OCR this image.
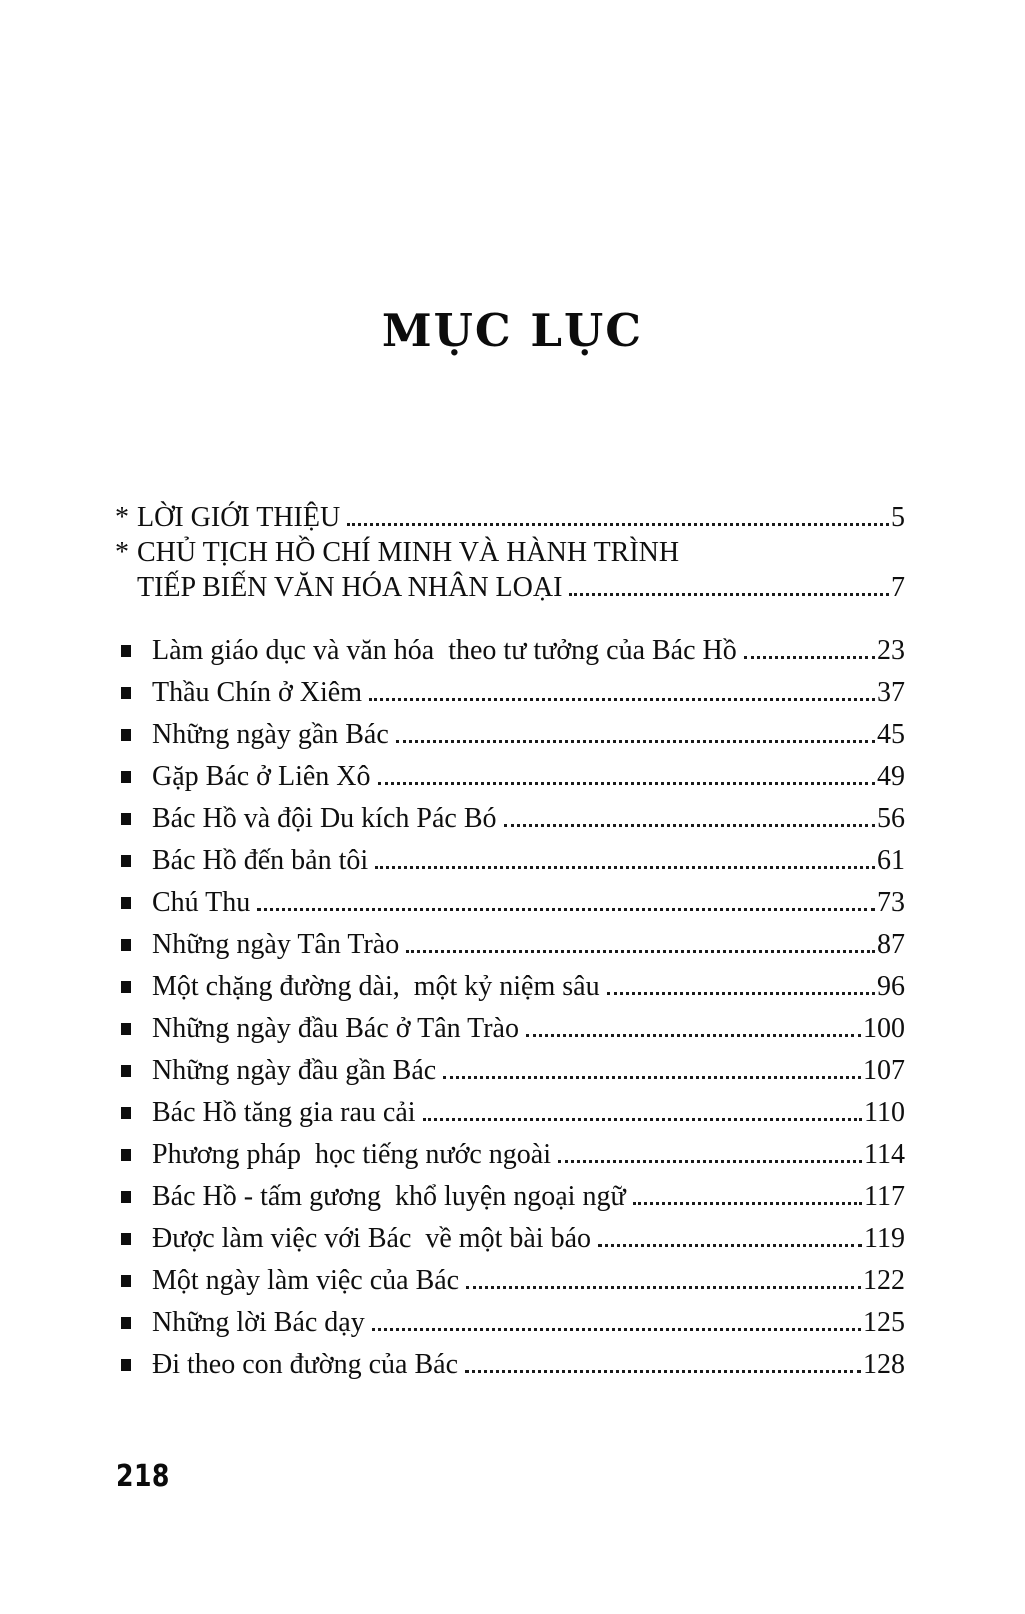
MỤC LỤC
* LỜI GIỚI THIỆU	5
* CHỦ TỊCH HỒ CHÍ MINH VÀ HÀNH TRÌNH
TIẾP BIẾN VĂN HÓA NHÂN LOẠI	7
Làm giáo dục và văn hóa  theo tư tưởng của Bác Hồ	23
Thầu Chín ở Xiêm	37
Những ngày gần Bác	45
Gặp Bác ở Liên Xô	49
Bác Hồ và đội Du kích Pác Bó	56
Bác Hồ đến bản tôi	61
Chú Thu	73
Những ngày Tân Trào	87
Một chặng đường dài,  một kỷ niệm sâu	96
Những ngày đầu Bác ở Tân Trào	100
Những ngày đầu gần Bác	107
Bác Hồ tăng gia rau cải	110
Phương pháp  học tiếng nước ngoài	114
Bác Hồ - tấm gương  khổ luyện ngoại ngữ	117
Được làm việc với Bác  về một bài báo	119
Một ngày làm việc của Bác	122
Những lời Bác dạy	125
Đi theo con đường của Bác	128
218
